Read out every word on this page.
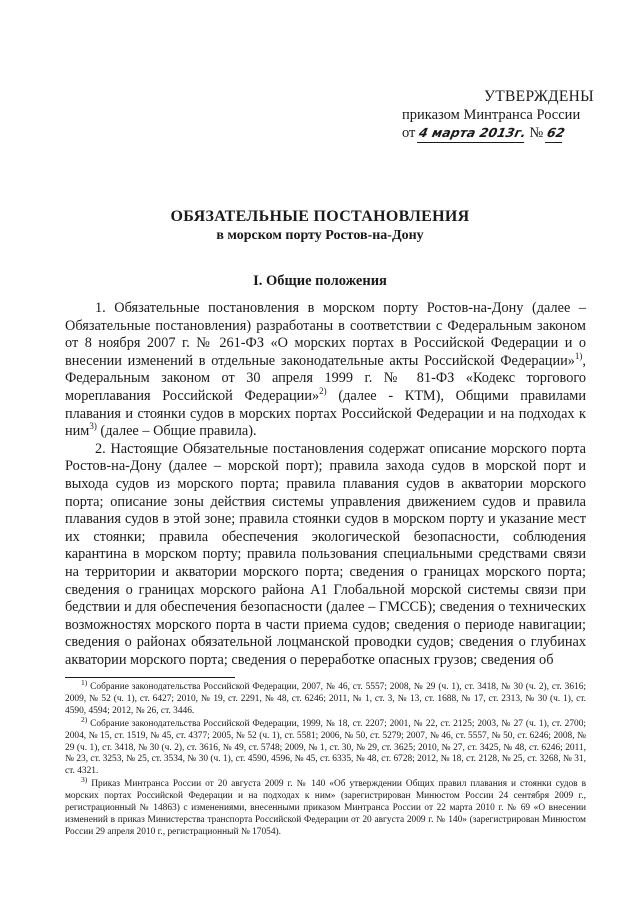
УТВЕРЖДЕНЫ
приказом Минтранса России
от 4 марта 2013г. № 62
ОБЯЗАТЕЛЬНЫЕ ПОСТАНОВЛЕНИЯ
в морском порту Ростов-на-Дону
I. Общие положения

1. Обязательные постановления в морском порту Ростов-на-Дону (далее – Обязательные постановления) разработаны в соответствии с Федеральным законом от 8 ноября 2007 г. № 261-ФЗ «О морских портах в Российской Федерации и о внесении изменений в отдельные законодательные акты Российской Федерации»$^{1)}$, Федеральным законом от 30 апреля 1999 г. № 81-ФЗ «Кодекс торгового мореплавания Российской Федерации»$^{2)}$ (далее - КТМ), Общими правилами плавания и стоянки судов в морских портах Российской Федерации и на подходах к ним$^{3)}$ (далее – Общие правила).

2. Настоящие Обязательные постановления содержат описание морского порта Ростов-на-Дону (далее – морской порт); правила захода судов в морской порт и выхода судов из морского порта; правила плавания судов в акватории морского порта; описание зоны действия системы управления движением судов и правила плавания судов в этой зоне; правила стоянки судов в морском порту и указание мест их стоянки; правила обеспечения экологической безопасности, соблюдения карантина в морском порту; правила пользования специальными средствами связи на территории и акватории морского порта; сведения о границах морского порта; сведения о границах морского района А1 Глобальной морской системы связи при бедствии и для обеспечения безопасности (далее – ГМССБ); сведения о технических возможностях морского порта в части приема судов; сведения о периоде навигации; сведения о районах обязательной лоцманской проводки судов; сведения о глубинах акватории морского порта; сведения о переработке опасных грузов; сведения об

$^{1)}$ Собрание законодательства Российской Федерации, 2007, № 46, ст. 5557; 2008, № 29 (ч. 1), ст. 3418, № 30 (ч. 2), ст. 3616; 2009, № 52 (ч. 1), ст. 6427; 2010, № 19, ст. 2291, № 48, ст. 6246; 2011, № 1, ст. 3, № 13, ст. 1688, № 17, ст. 2313, № 30 (ч. 1), ст. 4590, 4594; 2012, № 26, ст. 3446.

$^{2)}$ Собрание законодательства Российской Федерации, 1999, № 18, ст. 2207; 2001, № 22, ст. 2125; 2003, № 27 (ч. 1), ст. 2700; 2004, № 15, ст. 1519, № 45, ст. 4377; 2005, № 52 (ч. 1), ст. 5581; 2006, № 50, ст. 5279; 2007, № 46, ст. 5557, № 50, ст. 6246; 2008, № 29 (ч. 1), ст. 3418, № 30 (ч. 2), ст. 3616, № 49, ст. 5748; 2009, № 1, ст. 30, № 29, ст. 3625; 2010, № 27, ст. 3425, № 48, ст. 6246; 2011, № 23, ст. 3253, № 25, ст. 3534, № 30 (ч. 1), ст. 4590, 4596, № 45, ст. 6335, № 48, ст. 6728; 2012, № 18, ст. 2128, № 25, ст. 3268, № 31, ст. 4321.

$^{3)}$ Приказ Минтранса России от 20 августа 2009 г. № 140 «Об утверждении Общих правил плавания и стоянки судов в морских портах Российской Федерации и на подходах к ним» (зарегистрирован Минюстом России 24 сентября 2009 г., регистрационный № 14863) с изменениями, внесенными приказом Минтранса России от 22 марта 2010 г. № 69 «О внесении изменений в приказ Министерства транспорта Российской Федерации от 20 августа 2009 г. № 140» (зарегистрирован Минюстом России 29 апреля 2010 г., регистрационный № 17054).
